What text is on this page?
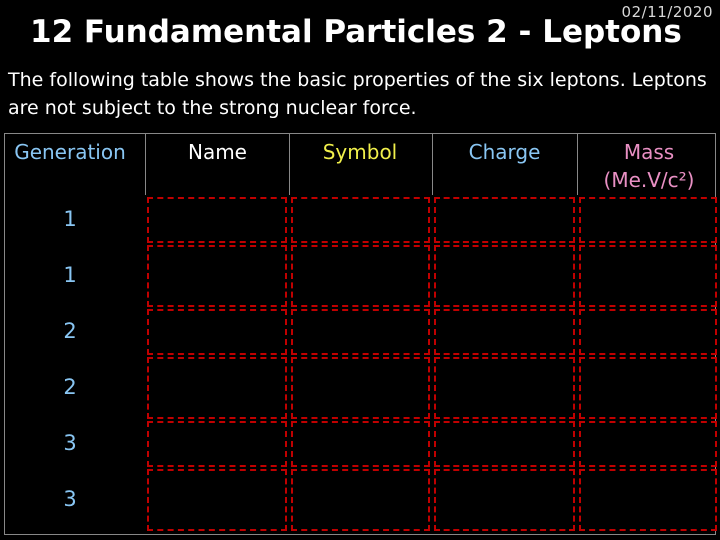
02/11/2020
12 Fundamental Particles 2 - Leptons
The following table shows the basic properties of the six leptons. Leptons are not subject to the strong nuclear force.
Generation	Name	Symbol	Charge	Mass
(Me.V/c²)
1
1
2
2
3
3
